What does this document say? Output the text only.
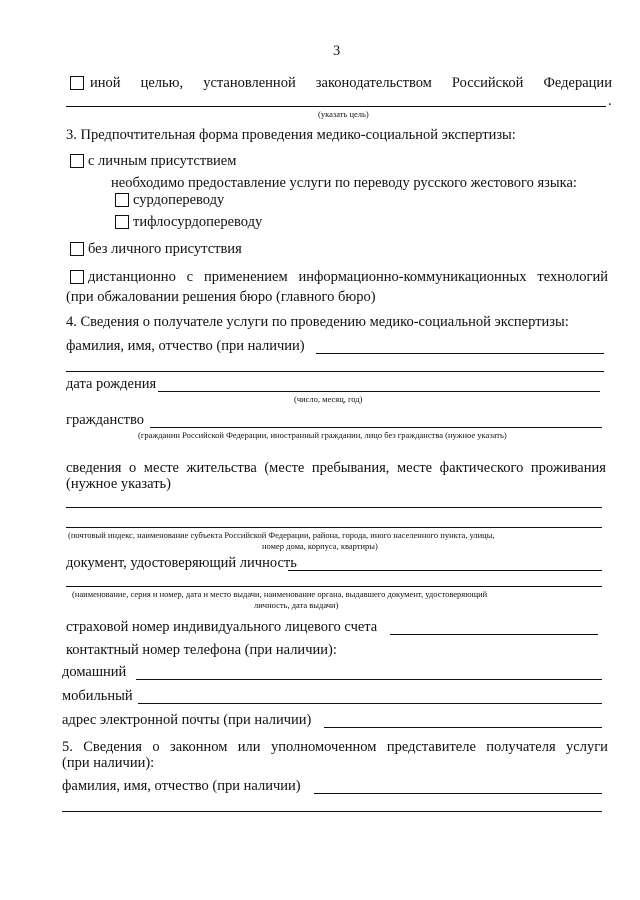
3
иной целью, установленной законодательством Российской Федерации
.
(указать цель)
3. Предпочтительная форма проведения медико-социальной экспертизы:
с личным присутствием
необходимо предоставление услуги по переводу русского жестового языка:
сурдопереводу
тифлосурдопереводу
без личного присутствия
дистанционно с применением информационно-коммуникационных технологий
(при обжаловании решения бюро (главного бюро)
4. Сведения о получателе услуги по проведению медико-социальной экспертизы:
фамилия, имя, отчество (при наличии)
дата рождения
(число, месяц, год)
гражданство
(гражданин Российской Федерации, иностранный гражданин, лицо без гражданства (нужное указать)
сведения о месте жительства (месте пребывания, месте фактического проживания
(нужное указать)
(почтовый индекс, наименование субъекта Российской Федерации, района, города, иного населенного пункта, улицы,
номер дома, корпуса, квартиры)
документ, удостоверяющий личность
(наименование, серия и номер, дата и место выдачи, наименование органа, выдавшего документ, удостоверяющий
личность, дата выдачи)
страховой номер индивидуального лицевого счета
контактный номер телефона (при наличии):
домашний
мобильный
адрес электронной почты (при наличии)
5. Сведения о законном или уполномоченном представителе получателя услуги
(при наличии):
фамилия, имя, отчество (при наличии)
